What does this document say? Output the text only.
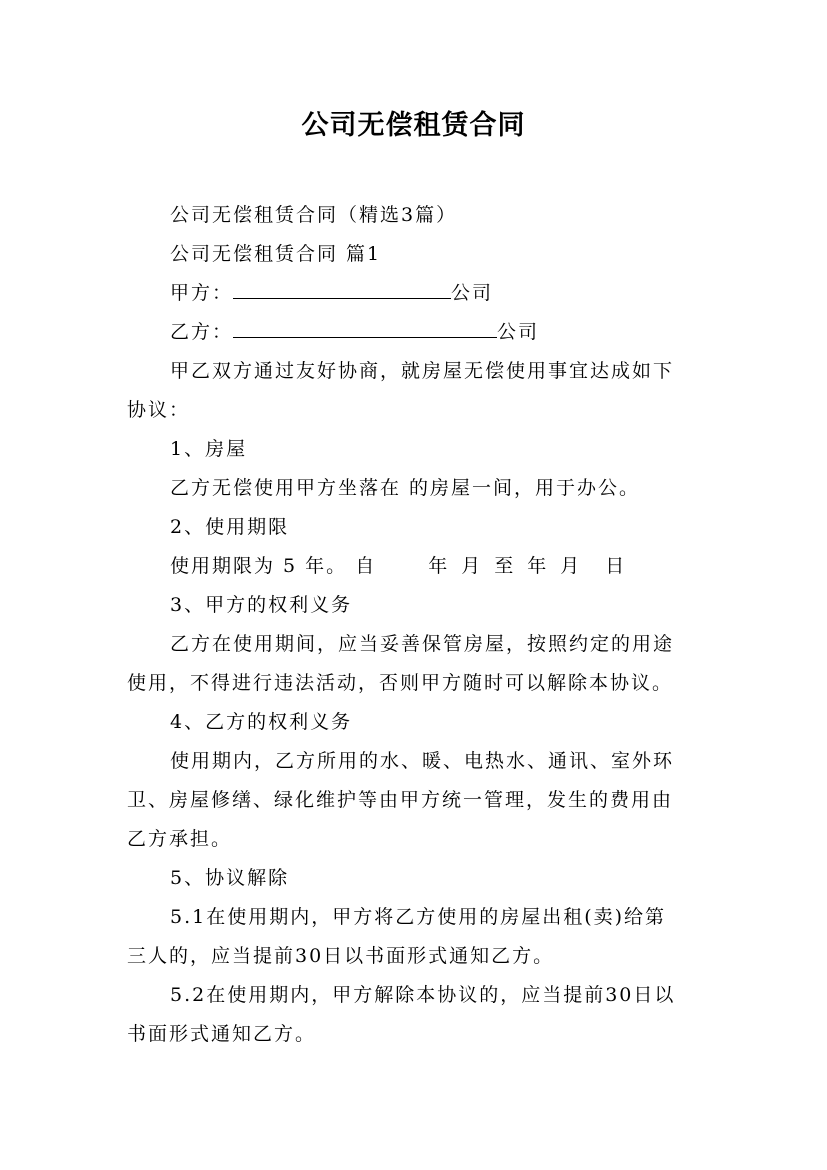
公司无偿租赁合同
公司无偿租赁合同（精选3篇）
公司无偿租赁合同 篇1
甲方：	公司
乙方：	公司
甲乙双方通过友好协商，就房屋无偿使用事宜达成如下
协议：
1、房屋
乙方无偿使用甲方坐落在 的房屋一间，用于办公。
2、使用期限
使用期限为 5 年。 自	年 月 至 年 月 日
3、甲方的权利义务
乙方在使用期间，应当妥善保管房屋，按照约定的用途
使用，不得进行违法活动，否则甲方随时可以解除本协议。
4、乙方的权利义务
使用期内，乙方所用的水、暖、电热水、通讯、室外环
卫、房屋修缮、绿化维护等由甲方统一管理，发生的费用由
乙方承担。
5、协议解除
5.1在使用期内，甲方将乙方使用的房屋出租(卖)给第
三人的，应当提前30日以书面形式通知乙方。
5.2在使用期内，甲方解除本协议的，应当提前30日以
书面形式通知乙方。
